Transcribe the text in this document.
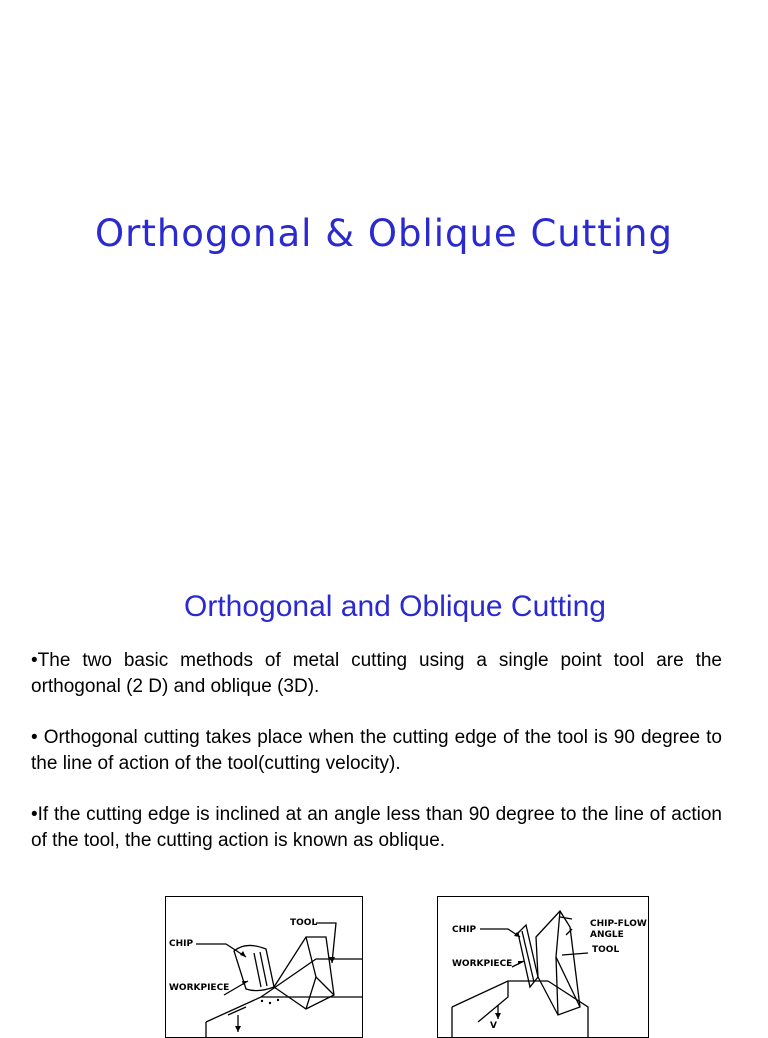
Orthogonal & Oblique Cutting
Orthogonal and Oblique Cutting

•The two basic methods of metal cutting using a single point tool are the orthogonal (2 D) and oblique (3D).

• Orthogonal cutting takes place when the cutting edge of the tool is 90 degree to the line of action of the tool(cutting velocity).

•If the cutting edge is inclined at an angle less than 90 degree to the line of action of the tool, the cutting action is known as oblique.

TOOL
CHIP
WORKPIECE
CHIP
WORKPIECE
CHIP-FLOW
ANGLE
TOOL
V
